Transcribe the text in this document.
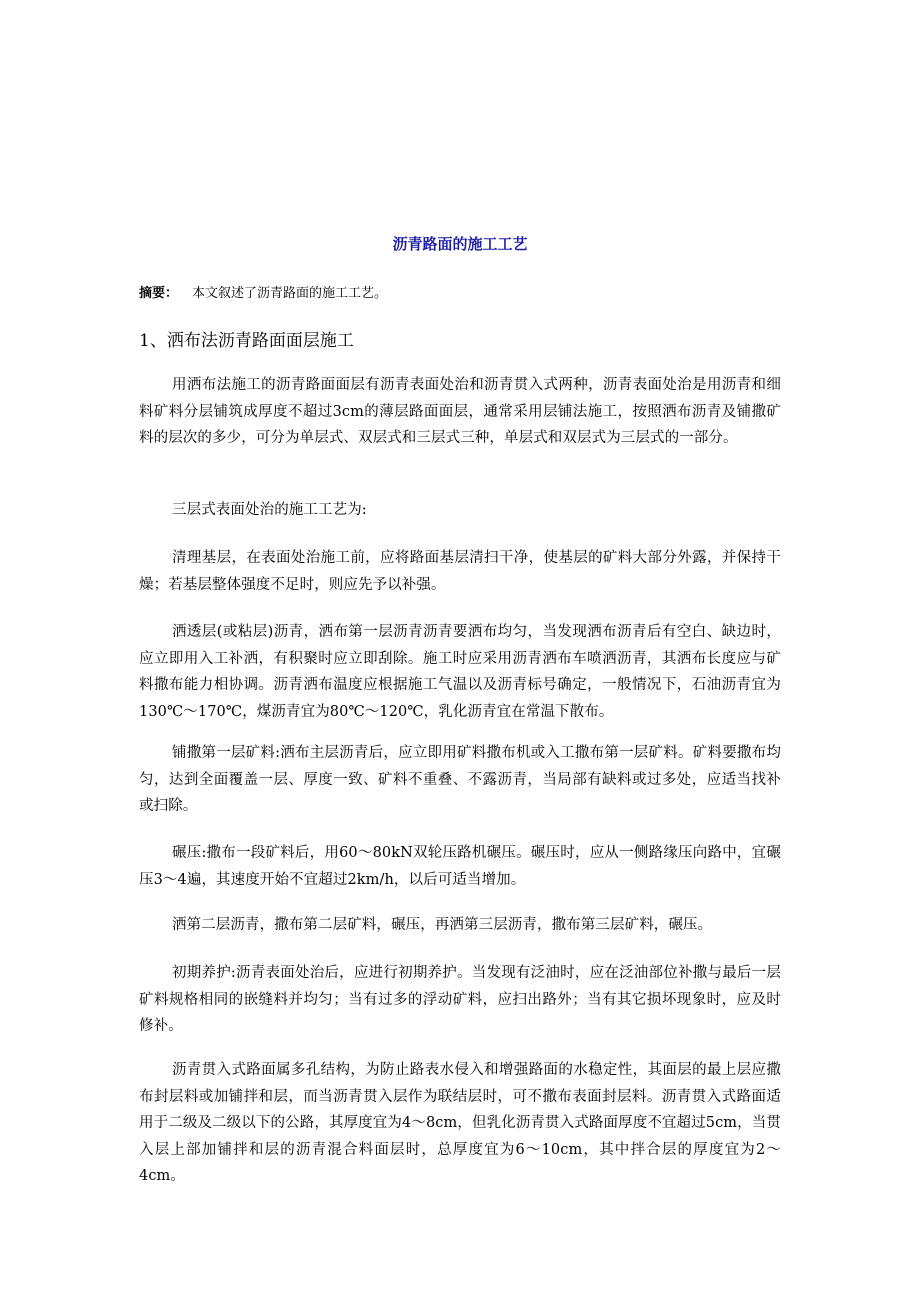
沥青路面的施工工艺
摘要： 本文叙述了沥青路面的施工工艺。
1、洒布法沥青路面面层施工

用洒布法施工的沥青路面面层有沥青表面处治和沥青贯入式两种，沥青表面处治是用沥青和细料矿料分层铺筑成厚度不超过3cm的薄层路面面层，通常采用层铺法施工，按照洒布沥青及铺撒矿料的层次的多少，可分为单层式、双层式和三层式三种，单层式和双层式为三层式的一部分。

三层式表面处治的施工工艺为:

清理基层，在表面处治施工前，应将路面基层清扫干净，使基层的矿料大部分外露，并保持干燥；若基层整体强度不足时，则应先予以补强。

洒透层(或粘层)沥青，洒布第一层沥青沥青要洒布均匀，当发现洒布沥青后有空白、缺边时，应立即用入工补洒，有积聚时应立即刮除。施工时应采用沥青洒布车喷洒沥青，其洒布长度应与矿料撒布能力相协调。沥青洒布温度应根据施工气温以及沥青标号确定，一般情况下，石油沥青宜为130℃～170℃，煤沥青宜为80℃～120℃，乳化沥青宜在常温下散布。

铺撒第一层矿料:洒布主层沥青后，应立即用矿料撒布机或入工撒布第一层矿料。矿料要撒布均匀，达到全面覆盖一层、厚度一致、矿料不重叠、不露沥青，当局部有缺料或过多处，应适当找补或扫除。

碾压:撒布一段矿料后，用60～80kN双轮压路机碾压。碾压时，应从一侧路缘压向路中，宜碾压3～4遍，其速度开始不宜超过2km/h，以后可适当增加。

洒第二层沥青，撒布第二层矿料，碾压，再洒第三层沥青，撒布第三层矿料，碾压。

初期养护:沥青表面处治后，应进行初期养护。当发现有泛油时，应在泛油部位补撒与最后一层矿料规格相同的嵌缝料并均匀；当有过多的浮动矿料，应扫出路外；当有其它损坏现象时，应及时修补。

沥青贯入式路面属多孔结构，为防止路表水侵入和增强路面的水稳定性，其面层的最上层应撒布封层料或加铺拌和层，而当沥青贯入层作为联结层时，可不撒布表面封层料。沥青贯入式路面适用于二级及二级以下的公路，其厚度宜为4～8cm，但乳化沥青贯入式路面厚度不宜超过5cm，当贯入层上部加铺拌和层的沥青混合料面层时，总厚度宜为6～10cm，其中拌合层的厚度宜为2～4cm。
